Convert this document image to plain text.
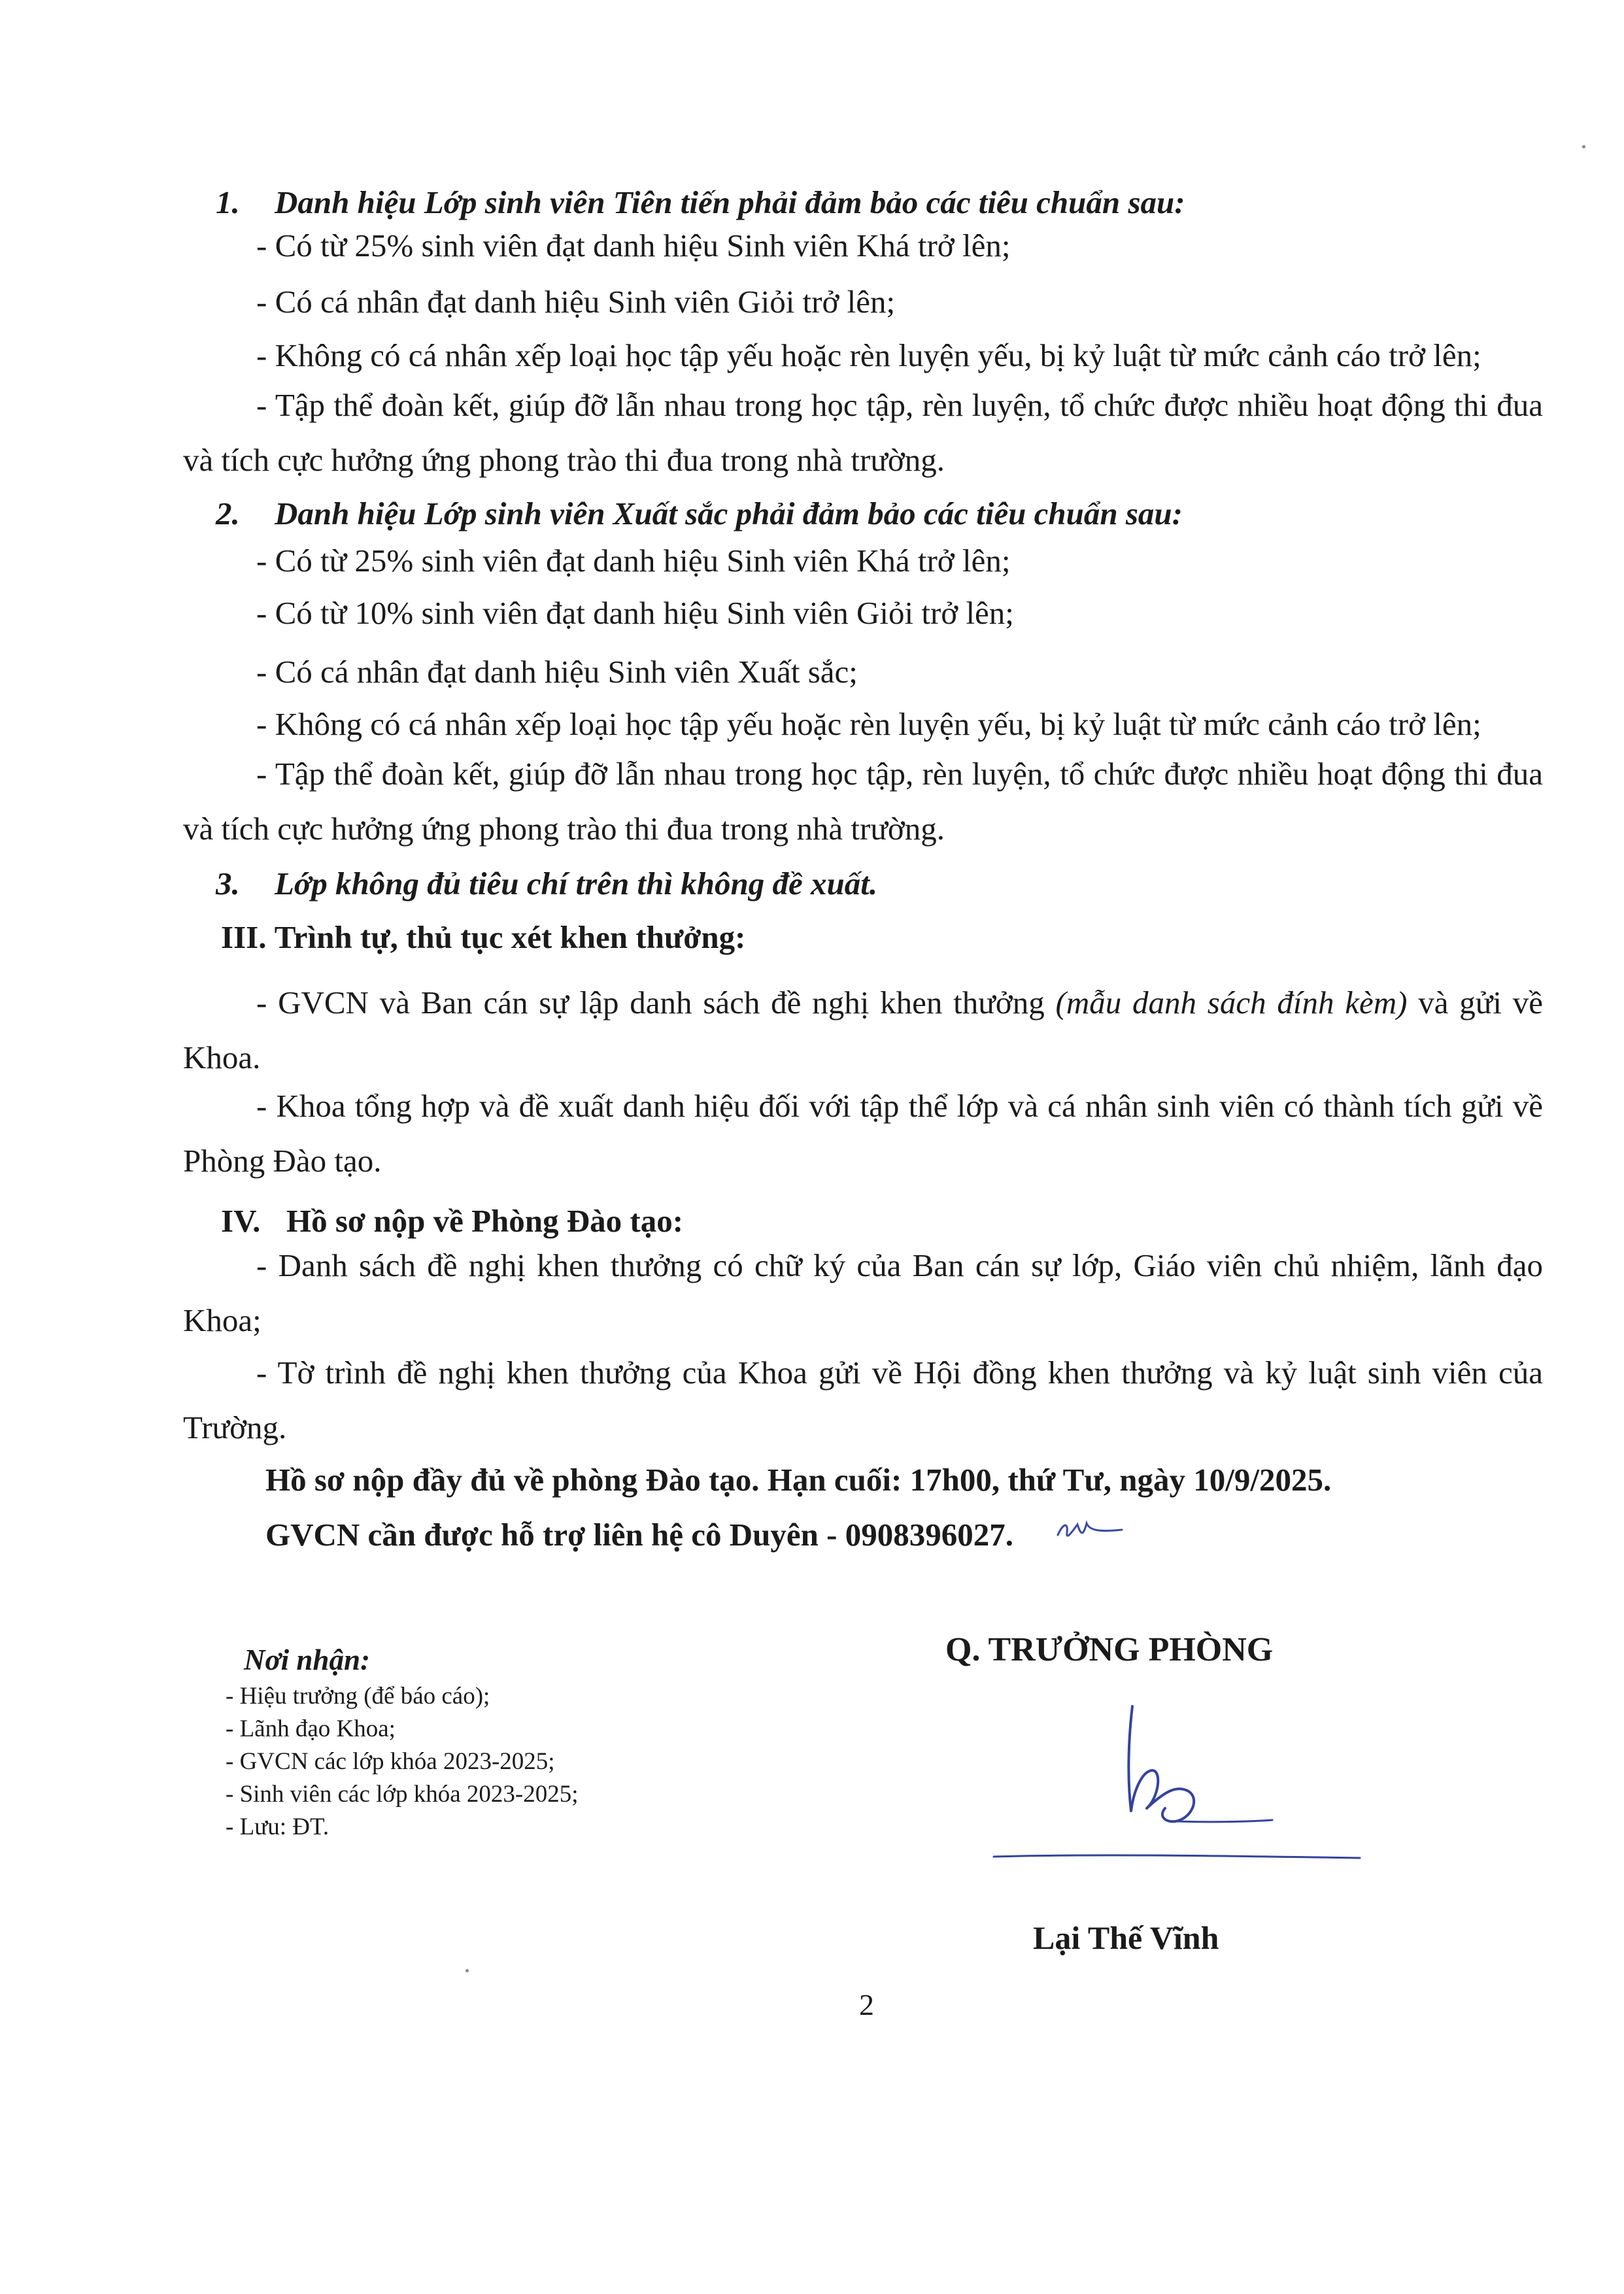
1. Danh hiệu Lớp sinh viên Tiên tiến phải đảm bảo các tiêu chuẩn sau:
- Có từ 25% sinh viên đạt danh hiệu Sinh viên Khá trở lên;
- Có cá nhân đạt danh hiệu Sinh viên Giỏi trở lên;
- Không có cá nhân xếp loại học tập yếu hoặc rèn luyện yếu, bị kỷ luật từ mức cảnh cáo trở lên;
- Tập thể đoàn kết, giúp đỡ lẫn nhau trong học tập, rèn luyện, tổ chức được nhiều hoạt động thi đua và tích cực hưởng ứng phong trào thi đua trong nhà trường.
2. Danh hiệu Lớp sinh viên Xuất sắc phải đảm bảo các tiêu chuẩn sau:
- Có từ 25% sinh viên đạt danh hiệu Sinh viên Khá trở lên;
- Có từ 10% sinh viên đạt danh hiệu Sinh viên Giỏi trở lên;
- Có cá nhân đạt danh hiệu Sinh viên Xuất sắc;
- Không có cá nhân xếp loại học tập yếu hoặc rèn luyện yếu, bị kỷ luật từ mức cảnh cáo trở lên;
- Tập thể đoàn kết, giúp đỡ lẫn nhau trong học tập, rèn luyện, tổ chức được nhiều hoạt động thi đua và tích cực hưởng ứng phong trào thi đua trong nhà trường.
3. Lớp không đủ tiêu chí trên thì không đề xuất.
III. Trình tự, thủ tục xét khen thưởng:
- GVCN và Ban cán sự lập danh sách đề nghị khen thưởng (mẫu danh sách đính kèm) và gửi về Khoa.
- Khoa tổng hợp và đề xuất danh hiệu đối với tập thể lớp và cá nhân sinh viên có thành tích gửi về Phòng Đào tạo.
IV. Hồ sơ nộp về Phòng Đào tạo:
- Danh sách đề nghị khen thưởng có chữ ký của Ban cán sự lớp, Giáo viên chủ nhiệm, lãnh đạo Khoa;
- Tờ trình đề nghị khen thưởng của Khoa gửi về Hội đồng khen thưởng và kỷ luật sinh viên của Trường.
Hồ sơ nộp đầy đủ về phòng Đào tạo. Hạn cuối: 17h00, thứ Tư, ngày 10/9/2025.
GVCN cần được hỗ trợ liên hệ cô Duyên - 0908396027.
Nơi nhận:
- Hiệu trưởng (để báo cáo);
- Lãnh đạo Khoa;
- GVCN các lớp khóa 2023-2025;
- Sinh viên các lớp khóa 2023-2025;
- Lưu: ĐT.
Q. TRƯỞNG PHÒNG
Lại Thế Vĩnh
2
